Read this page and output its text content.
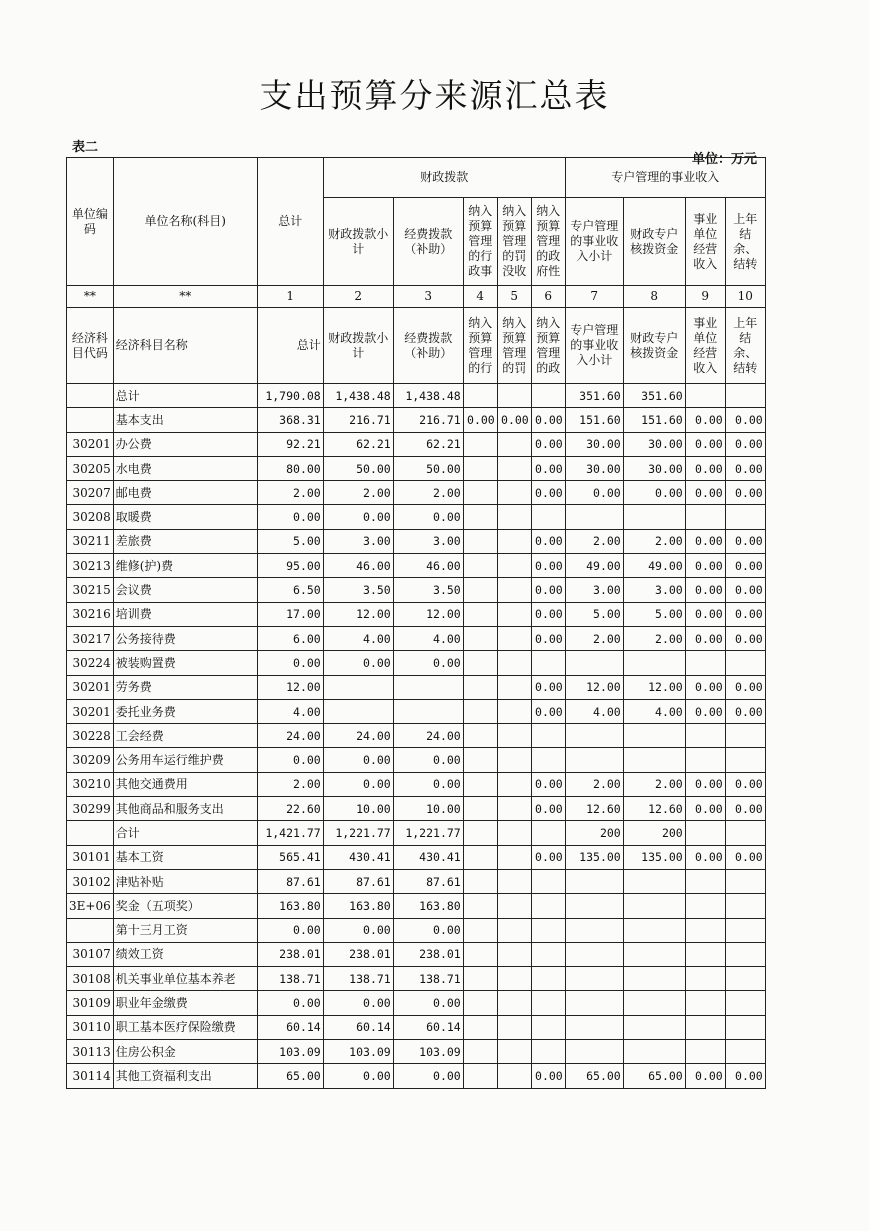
支出预算分来源汇总表
表二
单位：万元
单位编码	单位名称(科目)	总计	财政拨款					专户管理的事业收入			
			财政拨款小计	经费拨款（补助）	纳入预算管理的行政事	纳入预算管理的罚没收	纳入预算管理的政府性	专户管理的事业收入小计	财政专户核拨资金	事业单位经营收入	上年结余、结转
**	**	1	2	3	4	5	6	7	8	9	10
经济科目代码	经济科目名称	总计	财政拨款小计	经费拨款（补助）	纳入预算管理的行	纳入预算管理的罚	纳入预算管理的政	专户管理的事业收入小计	财政专户核拨资金	事业单位经营收入	上年结余、结转
	总计	1,790.08	1,438.48	1,438.48				351.60	351.60		
	基本支出	368.31	216.71	216.71	0.00	0.00	0.00	151.60	151.60	0.00	0.00
30201	办公费	92.21	62.21	62.21			0.00	30.00	30.00	0.00	0.00
30205	水电费	80.00	50.00	50.00			0.00	30.00	30.00	0.00	0.00
30207	邮电费	2.00	2.00	2.00			0.00	0.00	0.00	0.00	0.00
30208	取暖费	0.00	0.00	0.00							
30211	差旅费	5.00	3.00	3.00			0.00	2.00	2.00	0.00	0.00
30213	维修(护)费	95.00	46.00	46.00			0.00	49.00	49.00	0.00	0.00
30215	会议费	6.50	3.50	3.50			0.00	3.00	3.00	0.00	0.00
30216	培训费	17.00	12.00	12.00			0.00	5.00	5.00	0.00	0.00
30217	公务接待费	6.00	4.00	4.00			0.00	2.00	2.00	0.00	0.00
30224	被装购置费	0.00	0.00	0.00							
30201	劳务费	12.00					0.00	12.00	12.00	0.00	0.00
30201	委托业务费	4.00					0.00	4.00	4.00	0.00	0.00
30228	工会经费	24.00	24.00	24.00							
30209	公务用车运行维护费	0.00	0.00	0.00							
30210	其他交通费用	2.00	0.00	0.00			0.00	2.00	2.00	0.00	0.00
30299	其他商品和服务支出	22.60	10.00	10.00			0.00	12.60	12.60	0.00	0.00
	合计	1,421.77	1,221.77	1,221.77				200	200		
30101	基本工资	565.41	430.41	430.41			0.00	135.00	135.00	0.00	0.00
30102	津贴补贴	87.61	87.61	87.61							
3E+06	奖金（五项奖）	163.80	163.80	163.80							
	第十三月工资	0.00	0.00	0.00							
30107	绩效工资	238.01	238.01	238.01							
30108	机关事业单位基本养老	138.71	138.71	138.71							
30109	职业年金缴费	0.00	0.00	0.00							
30110	职工基本医疗保险缴费	60.14	60.14	60.14							
30113	住房公积金	103.09	103.09	103.09							
30114	其他工资福利支出	65.00	0.00	0.00			0.00	65.00	65.00	0.00	0.00
